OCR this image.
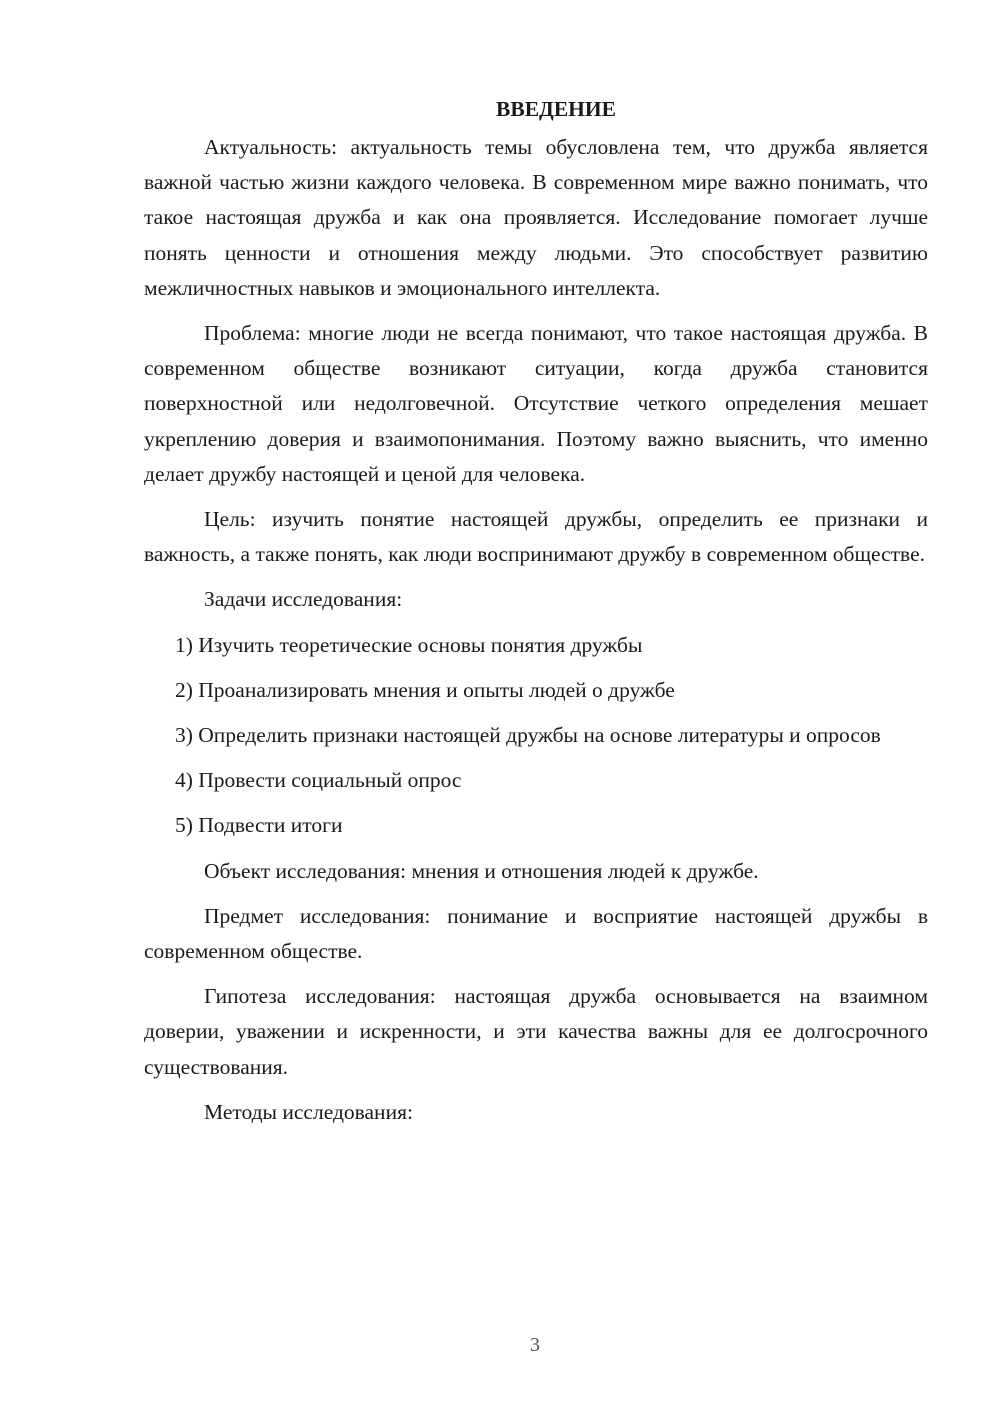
ВВЕДЕНИЕ

Актуальность: актуальность темы обусловлена тем, что дружба является важной частью жизни каждого человека. В современном мире важно понимать, что такое настоящая дружба и как она проявляется. Исследование помогает лучше понять ценности и отношения между людьми. Это способствует развитию межличностных навыков и эмоционального интеллекта.

Проблема: многие люди не всегда понимают, что такое настоящая дружба. В современном обществе возникают ситуации, когда дружба становится поверхностной или недолговечной. Отсутствие четкого определения мешает укреплению доверия и взаимопонимания. Поэтому важно выяснить, что именно делает дружбу настоящей и ценой для человека.

Цель: изучить понятие настоящей дружбы, определить ее признаки и важность, а также понять, как люди воспринимают дружбу в современном обществе.

Задачи исследования:

1) Изучить теоретические основы понятия дружбы

2) Проанализировать мнения и опыты людей о дружбе

3) Определить признаки настоящей дружбы на основе литературы и опросов

4) Провести социальный опрос

5) Подвести итоги

Объект исследования: мнения и отношения людей к дружбе.

Предмет исследования: понимание и восприятие настоящей дружбы в современном обществе.

Гипотеза исследования: настоящая дружба основывается на взаимном доверии, уважении и искренности, и эти качества важны для ее долгосрочного существования.

Методы исследования:

3
